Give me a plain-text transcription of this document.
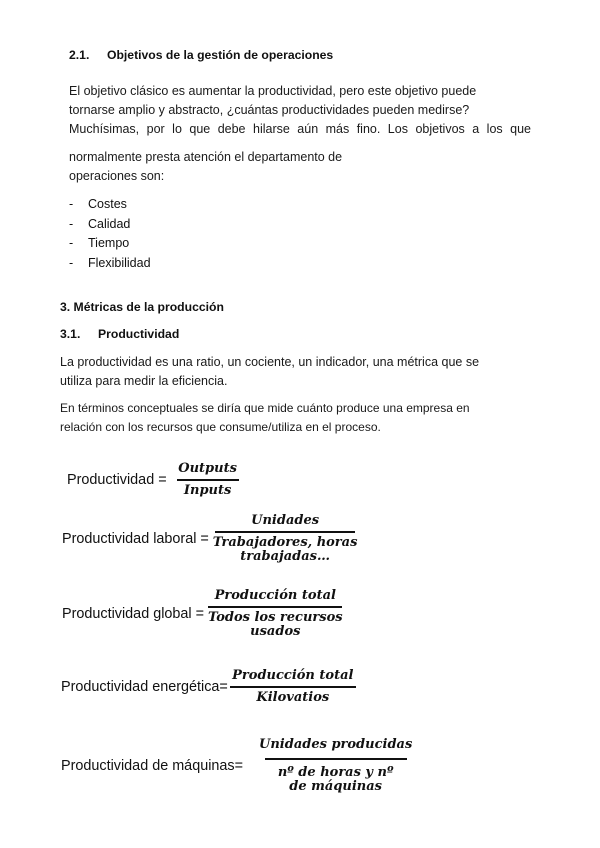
2.1. Objetivos de la gestión de operaciones
El objetivo clásico es aumentar la productividad, pero este objetivo puede
tornarse amplio y abstracto, ¿cuántas productividades pueden medirse?
Muchísimas, por lo que debe hilarse aún más fino. Los objetivos a los que
normalmente presta atención el departamento de
operaciones son:
- Costes
- Calidad
- Tiempo
- Flexibilidad
3. Métricas de la producción
3.1. Productividad
La productividad es una ratio, un cociente, un indicador, una métrica que se
utiliza para medir la eficiencia.
En términos conceptuales se diría que mide cuánto produce una empresa en
relación con los recursos que consume/utiliza en el proceso.
Productividad = $\frac{\text{Outputs}}{\text{Inputs}}$
Productividad laboral =
Unidades
Trabajadores, horas
trabajadas…
Productividad global =
Producción total
Todos los recursos
usados
Productividad energética= $\frac{\text{Producción total}}{\text{Kilovatios}}$
Productividad de máquinas=
Unidades producidas
nº de horas y nº
de máquinas
